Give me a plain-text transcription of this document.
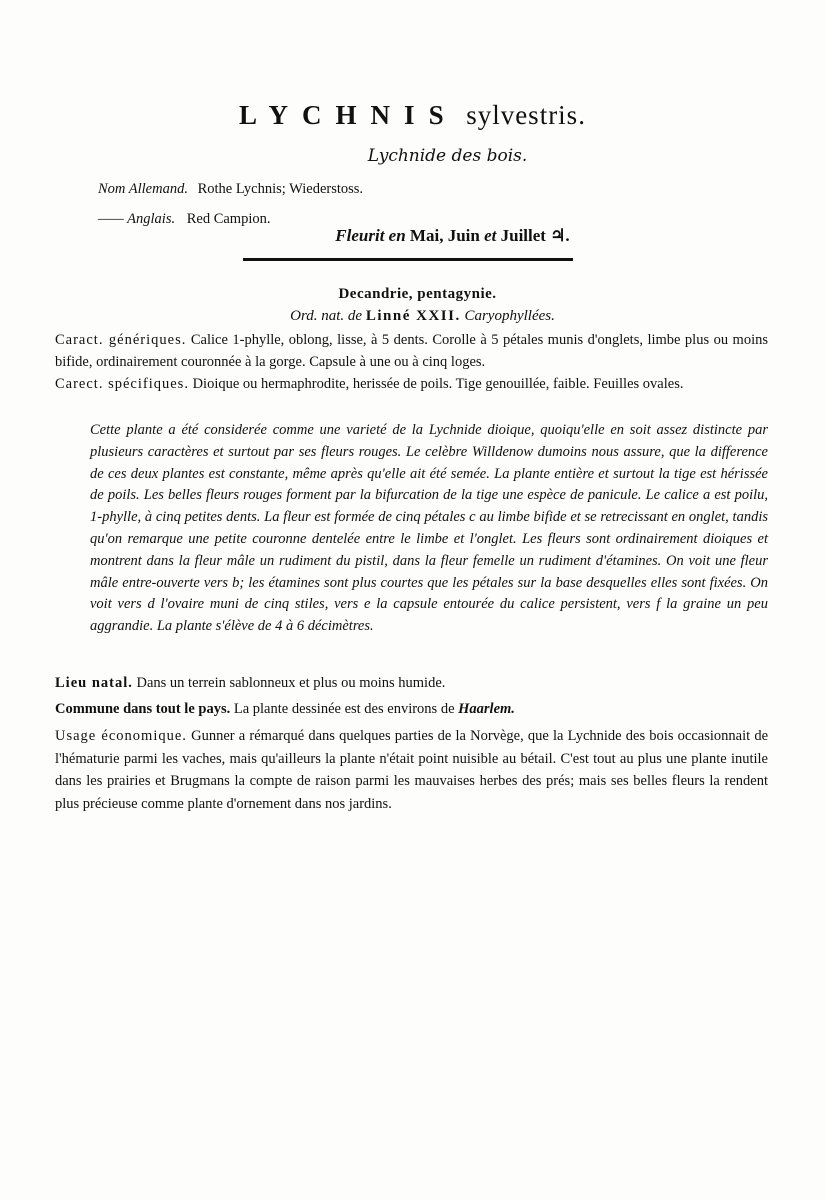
LYCHNIS sylvestris.
Lychnide des bois.
Nom Allemand. Rothe Lychnis; Wiederstoss.
—— Anglais. Red Campion.
Fleurit en Mai, Juin et Juillet ♃.
Decandrie, pentagynie.
Ord. nat. de Linné XXII. Caryophyllées.
Caract. génériques. Calice 1-phylle, oblong, lisse, à 5 dents. Corolle à 5 pétales munis d'onglets, limbe plus ou moins bifide, ordinairement couronnée à la gorge. Capsule à une ou à cinq loges.
Carect. spécifiques. Dioique ou hermaphrodite, herissée de poils. Tige genouillée, faible. Feuilles ovales.
Cette plante a été considerée comme une varieté de la Lychnide dioique, quoiqu'elle en soit assez distincte par plusieurs caractères et surtout par ses fleurs rouges. Le celèbre Willdenow dumoins nous assure, que la difference de ces deux plantes est constante, même après qu'elle ait été semée. La plante entière et surtout la tige est hérissée de poils. Les belles fleurs rouges forment par la bifurcation de la tige une espèce de panicule. Le calice a est poilu, 1-phylle, à cinq petites dents. La fleur est formée de cinq pétales c au limbe bifide et se retrecissant en onglet, tandis qu'on remarque une petite couronne dentelée entre le limbe et l'onglet. Les fleurs sont ordinairement dioiques et montrent dans la fleur mâle un rudiment du pistil, dans la fleur femelle un rudiment d'étamines. On voit une fleur mâle entre-ouverte vers b; les étamines sont plus courtes que les pétales sur la base desquelles elles sont fixées. On voit vers d l'ovaire muni de cinq stiles, vers e la capsule entourée du calice persistent, vers f la graine un peu aggrandie. La plante s'élève de 4 à 6 décimètres.
Lieu natal. Dans un terrein sablonneux et plus ou moins humide.
Commune dans tout le pays. La plante dessinée est des environs de Haarlem.
Usage économique. Gunner a rémarqué dans quelques parties de la Norvège, que la Lychnide des bois occasionnait de l'hématurie parmi les vaches, mais qu'ailleurs la plante n'était point nuisible au bétail. C'est tout au plus une plante inutile dans les prairies et Brugmans la compte de raison parmi les mauvaises herbes des prés; mais ses belles fleurs la rendent plus précieuse comme plante d'ornement dans nos jardins.
